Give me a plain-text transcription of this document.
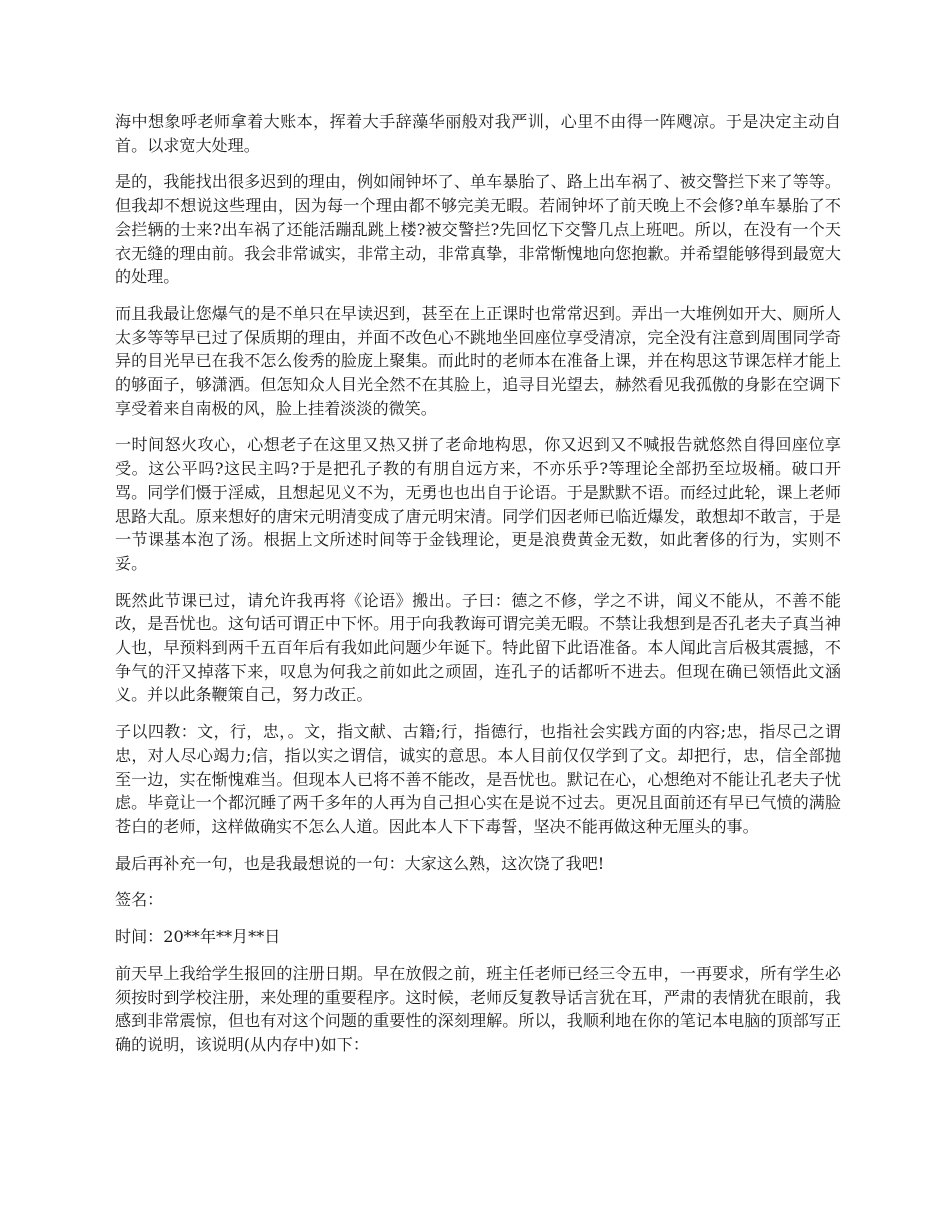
海中想象呼老师拿着大账本，挥着大手辞藻华丽般对我严训，心里不由得一阵飕凉。于是决定主动自首。以求宽大处理。

是的，我能找出很多迟到的理由，例如闹钟坏了、单车暴胎了、路上出车祸了、被交警拦下来了等等。但我却不想说这些理由，因为每一个理由都不够完美无暇。若闹钟坏了前天晚上不会修?单车暴胎了不会拦辆的士来?出车祸了还能活蹦乱跳上楼?被交警拦?先回忆下交警几点上班吧。所以，在没有一个天衣无缝的理由前。我会非常诚实，非常主动，非常真挚，非常惭愧地向您抱歉。并希望能够得到最宽大的处理。

而且我最让您爆气的是不单只在早读迟到，甚至在上正课时也常常迟到。弄出一大堆例如开大、厕所人太多等等早已过了保质期的理由，并面不改色心不跳地坐回座位享受清凉，完全没有注意到周围同学奇异的目光早已在我不怎么俊秀的脸庞上聚集。而此时的老师本在准备上课，并在构思这节课怎样才能上的够面子，够潇洒。但怎知众人目光全然不在其脸上，追寻目光望去，赫然看见我孤傲的身影在空调下享受着来自南极的风，脸上挂着淡淡的微笑。

一时间怒火攻心，心想老子在这里又热又拼了老命地构思，你又迟到又不喊报告就悠然自得回座位享受。这公平吗?这民主吗?于是把孔子教的有朋自远方来，不亦乐乎?等理论全部扔至垃圾桶。破口开骂。同学们慑于淫威，且想起见义不为，无勇也也出自于论语。于是默默不语。而经过此轮，课上老师思路大乱。原来想好的唐宋元明清变成了唐元明宋清。同学们因老师已临近爆发，敢想却不敢言，于是一节课基本泡了汤。根据上文所述时间等于金钱理论，更是浪费黄金无数，如此奢侈的行为，实则不妥。

既然此节课已过，请允许我再将《论语》搬出。子曰：德之不修，学之不讲，闻义不能从，不善不能改，是吾忧也。这句话可谓正中下怀。用于向我教诲可谓完美无暇。不禁让我想到是否孔老夫子真当神人也，早预料到两千五百年后有我如此问题少年诞下。特此留下此语准备。本人闻此言后极其震撼，不争气的汗又掉落下来，叹息为何我之前如此之顽固，连孔子的话都听不进去。但现在确已领悟此文涵义。并以此条鞭策自己，努力改正。

子以四教：文，行，忠，。文，指文献、古籍;行，指德行，也指社会实践方面的内容;忠，指尽己之谓忠，对人尽心竭力;信，指以实之谓信，诚实的意思。本人目前仅仅学到了文。却把行，忠，信全部抛至一边，实在惭愧难当。但现本人已将不善不能改，是吾忧也。默记在心，心想绝对不能让孔老夫子忧虑。毕竟让一个都沉睡了两千多年的人再为自己担心实在是说不过去。更况且面前还有早已气愤的满脸苍白的老师，这样做确实不怎么人道。因此本人下下毒誓，坚决不能再做这种无厘头的事。

最后再补充一句，也是我最想说的一句：大家这么熟，这次饶了我吧!

签名：

时间：20**年**月**日

前天早上我给学生报回的注册日期。早在放假之前，班主任老师已经三令五申，一再要求，所有学生必须按时到学校注册，来处理的重要程序。这时候，老师反复教导话言犹在耳，严肃的表情犹在眼前，我感到非常震惊，但也有对这个问题的重要性的深刻理解。所以，我顺利地在你的笔记本电脑的顶部写正确的说明，该说明(从内存中)如下：
